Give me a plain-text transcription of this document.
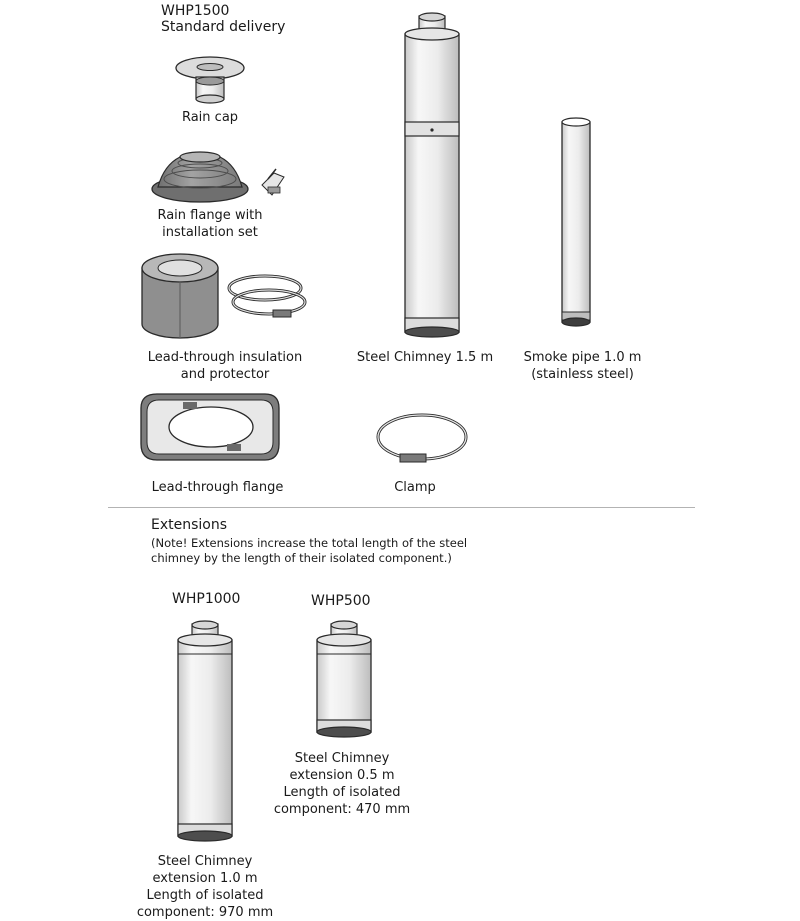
WHP1500
Standard delivery
Rain cap
Rain flange with
installation set
Lead-through insulation
and protector
Lead-through flange
Steel Chimney 1.5 m	Smoke pipe 1.0 m
(stainless steel)
Clamp
Extensions
(Note! Extensions increase the total length of the steel
chimney by the length of their isolated component.)
WHP1000	WHP500
Steel Chimney
extension 1.0 m
Length of isolated
component: 970 mm
Steel Chimney
extension 0.5 m
Length of isolated
component: 470 mm
